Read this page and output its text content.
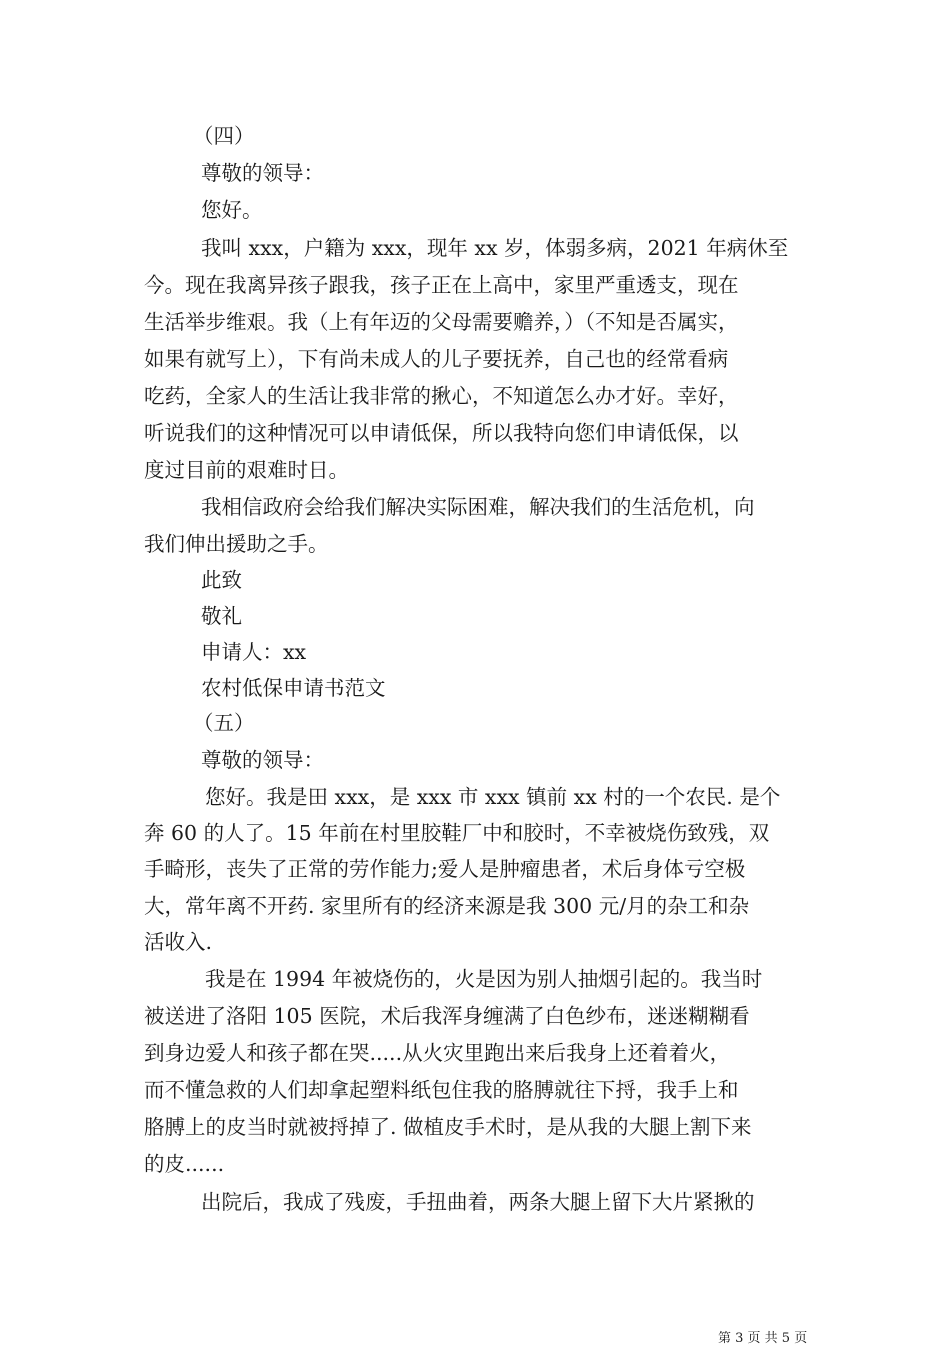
（四）
尊敬的领导：
您好。
我叫 xxx，户籍为 xxx，现年 xx 岁，体弱多病，2021 年病休至
今。现在我离异孩子跟我，孩子正在上高中，家里严重透支，现在
生活举步维艰。我（上有年迈的父母需要赡养，）（不知是否属实，
如果有就写上），下有尚未成人的儿子要抚养，自己也的经常看病
吃药，全家人的生活让我非常的揪心，不知道怎么办才好。幸好，
听说我们的这种情况可以申请低保，所以我特向您们申请低保，以
度过目前的艰难时日。
我相信政府会给我们解决实际困难，解决我们的生活危机，向
我们伸出援助之手。
此致
敬礼
申请人：xx
农村低保申请书范文
（五）
尊敬的领导：
您好。我是田 xxx，是 xxx 市 xxx 镇前 xx 村的一个农民. 是个
奔 60 的人了。15 年前在村里胶鞋厂中和胶时，不幸被烧伤致残，双
手畸形，丧失了正常的劳作能力;爱人是肿瘤患者，术后身体亏空极
大，常年离不开药. 家里所有的经济来源是我 300 元/月的杂工和杂
活收入.
我是在 1994 年被烧伤的，火是因为别人抽烟引起的。我当时
被送进了洛阳 105 医院，术后我浑身缠满了白色纱布，迷迷糊糊看
到身边爱人和孩子都在哭.....从火灾里跑出来后我身上还着着火，
而不懂急救的人们却拿起塑料纸包住我的胳膊就往下捋，我手上和
胳膊上的皮当时就被捋掉了. 做植皮手术时，是从我的大腿上割下来
的皮......
出院后，我成了残废，手扭曲着，两条大腿上留下大片紧揪的
第 3 页 共 5 页
